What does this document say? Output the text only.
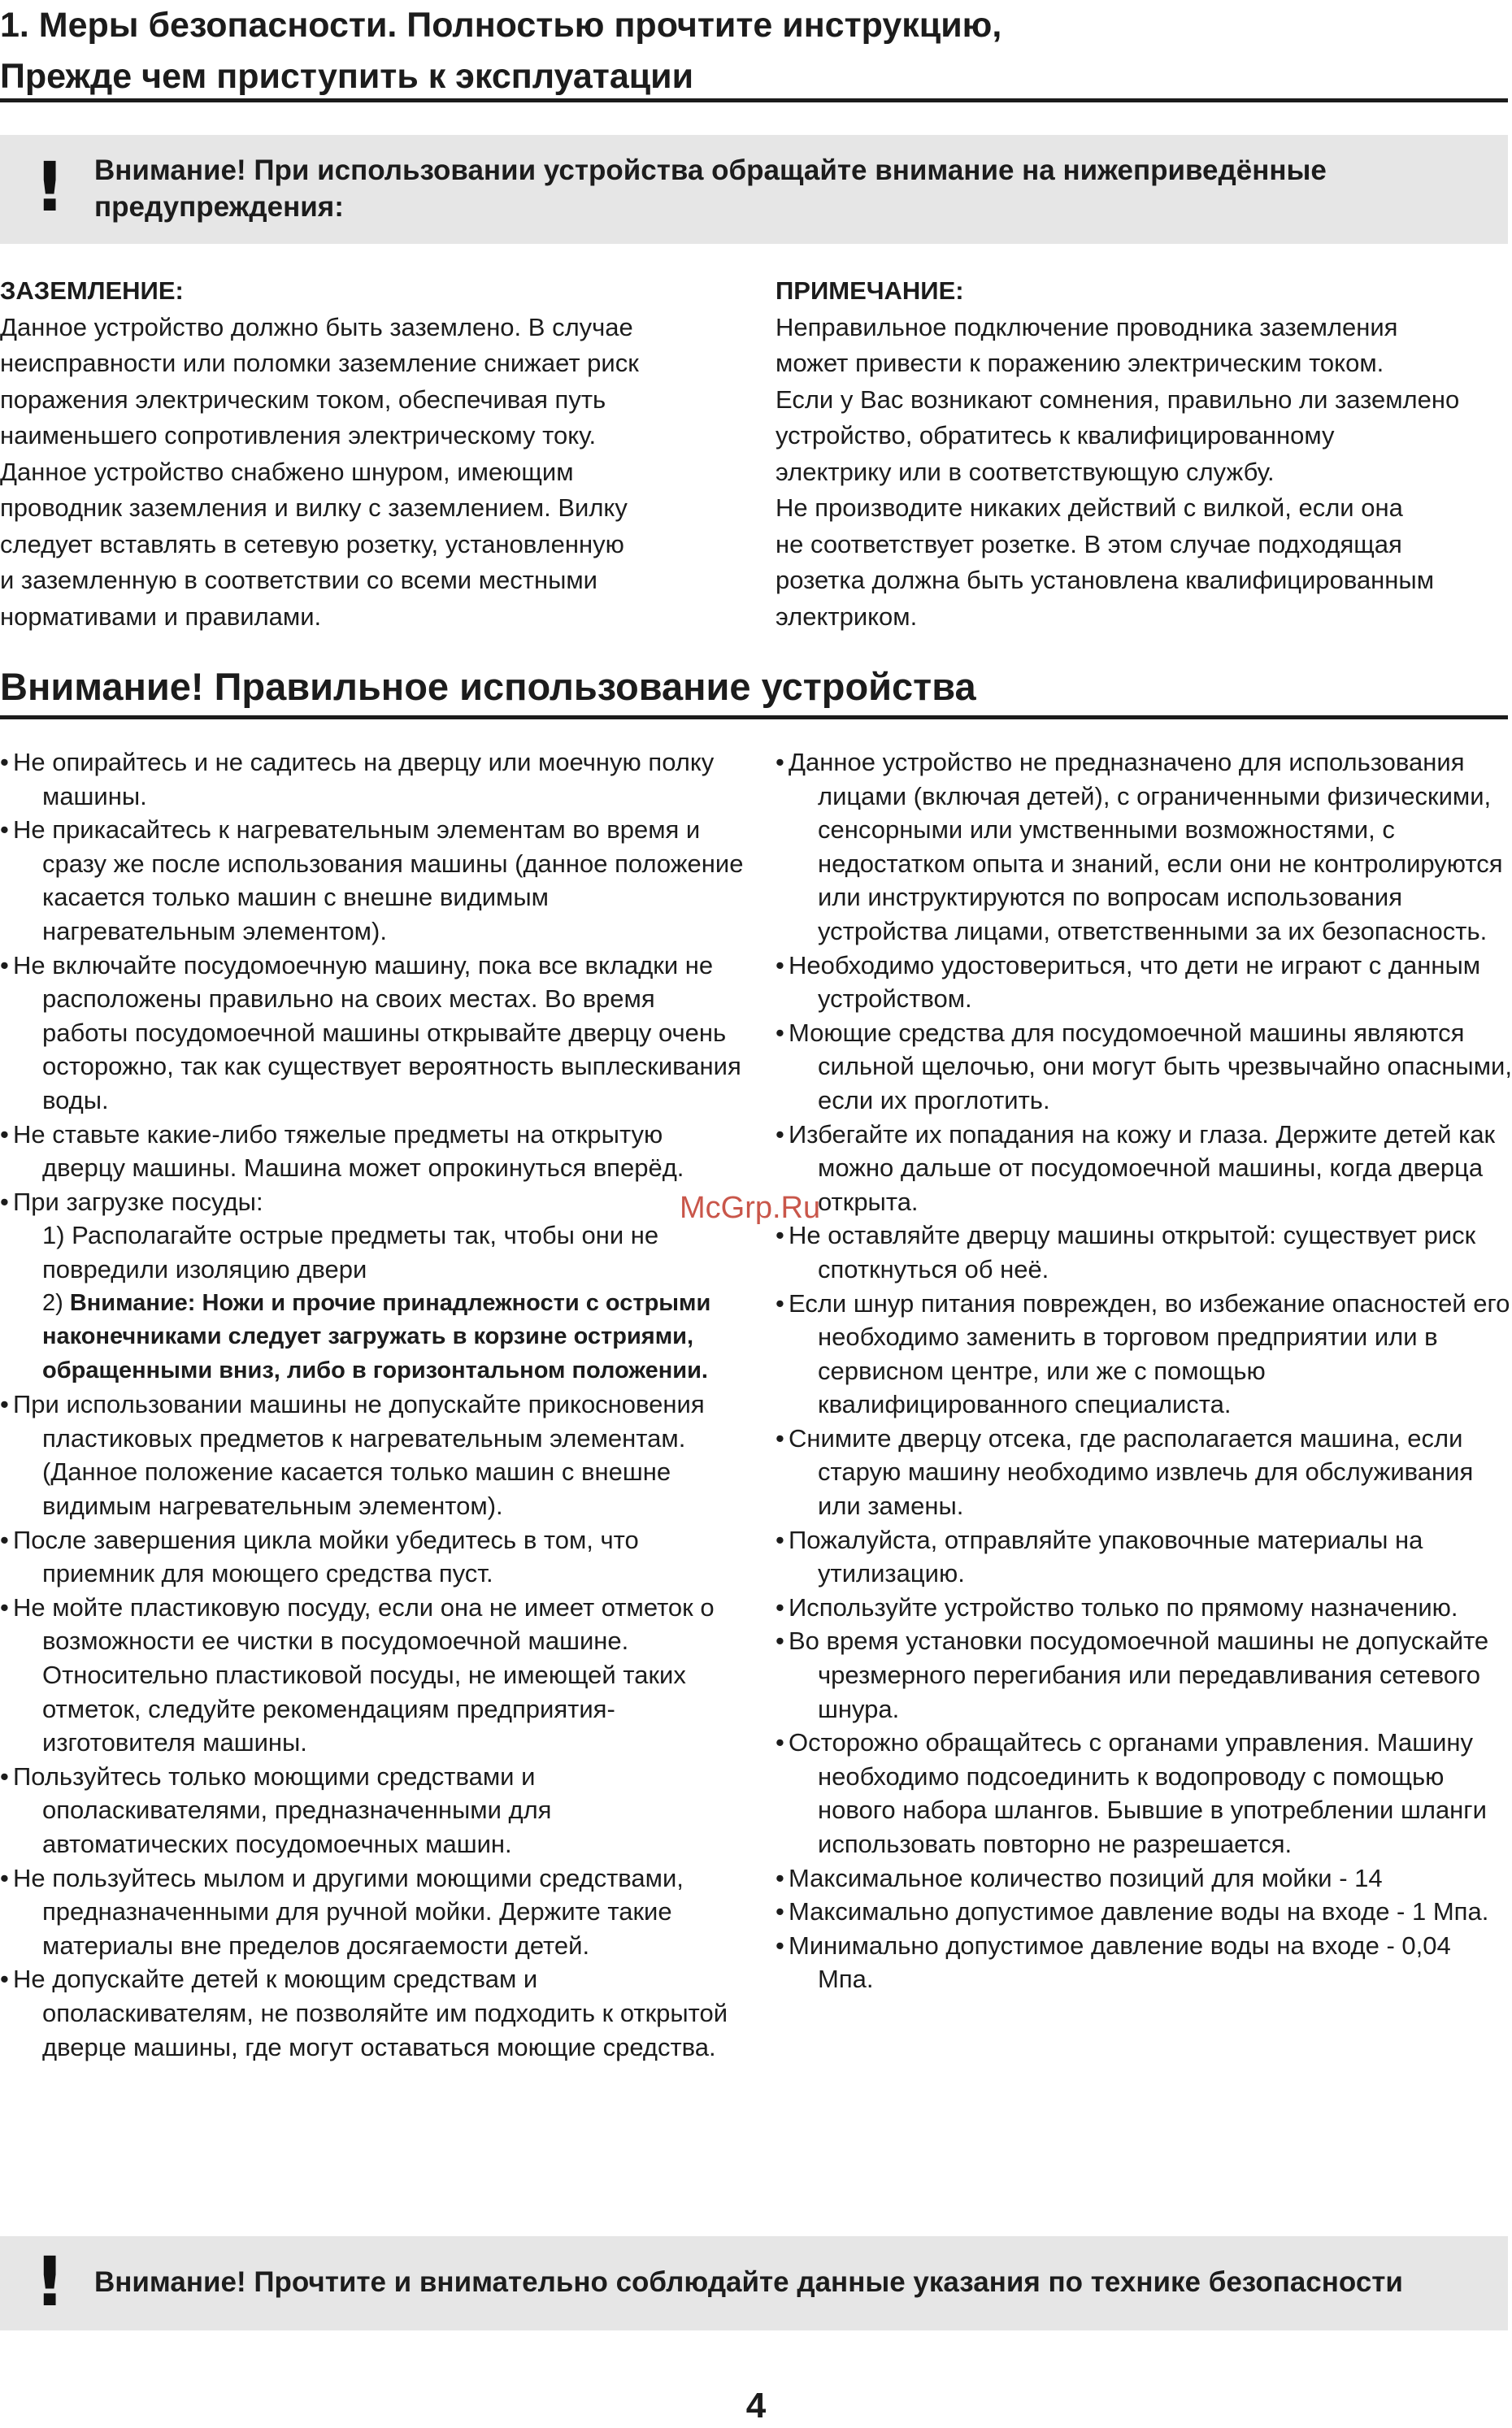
1. Меры безопасности. Полностью прочтите инструкцию,
Прежде чем приступить к эксплуатации
! Внимание! При использовании устройства обращайте внимание на нижеприведённые
предупреждения:

ЗАЗЕМЛЕНИЕ:

Данное устройство должно быть заземлено. В случае
неисправности или поломки заземление снижает риск
поражения электрическим током, обеспечивая путь
наименьшего сопротивления электрическому току.
Данное устройство снабжено шнуром, имеющим
проводник заземления и вилку с заземлением. Вилку
следует вставлять в сетевую розетку, установленную
и заземленную в соответствии со всеми местными
нормативами и правилами.

ПРИМЕЧАНИЕ:

Неправильное подключение проводника заземления
может привести к поражению электрическим током.
Если у Вас возникают сомнения, правильно ли заземлено
устройство, обратитесь к квалифицированному
электрику или в соответствующую службу.
Не производите никаких действий с вилкой, если она
не соответствует розетке. В этом случае подходящая
розетка должна быть установлена квалифицированным
электриком.
Внимание! Правильное использование устройства
• Не опирайтесь и не садитесь на дверцу или моечную полку машины.
• Не прикасайтесь к нагревательным элементам во время и сразу же после использования машины (данное положение касается только машин с внешне видимым нагревательным элементом).
• Не включайте посудомоечную машину, пока все вкладки не расположены правильно на своих местах. Во время работы посудомоечной машины открывайте дверцу очень осторожно, так как существует вероятность выплескивания воды.
• Не ставьте какие-либо тяжелые предметы на открытую дверцу машины. Машина может опрокинуться вперёд.
• При загрузке посуды:
1) Располагайте острые предметы так, чтобы они не повредили изоляцию двери
2) Внимание: Ножи и прочие принадлежности с острыми наконечниками следует загружать в корзине остриями, обращенными вниз, либо в горизонтальном положении.
• При использовании машины не допускайте прикосновения пластиковых предметов к нагревательным элементам. (Данное положение касается только машин с внешне видимым нагревательным элементом).
• После завершения цикла мойки убедитесь в том, что приемник для моющего средства пуст.
• Не мойте пластиковую посуду, если она не имеет отметок о возможности ее чистки в посудомоечной машине. Относительно пластиковой посуды, не имеющей таких отметок, следуйте рекомендациям предприятия-изготовителя машины.
• Пользуйтесь только моющими средствами и ополаскивателями, предназначенными для автоматических посудомоечных машин.
• Не пользуйтесь мылом и другими моющими средствами, предназначенными для ручной мойки. Держите такие материалы вне пределов досягаемости детей.
• Не допускайте детей к моющим средствам и ополаскивателям, не позволяйте им подходить к открытой дверце машины, где могут оставаться моющие средства.
• Данное устройство не предназначено для использования лицами (включая детей), с ограниченными физическими, сенсорными или умственными возможностями, с недостатком опыта и знаний, если они не контролируются или инструктируются по вопросам использования устройства лицами, ответственными за их безопасность.
• Необходимо удостовериться, что дети не играют с данным устройством.
• Моющие средства для посудомоечной машины являются сильной щелочью, они могут быть чрезвычайно опасными, если их проглотить.
• Избегайте их попадания на кожу и глаза. Держите детей как можно дальше от посудомоечной машины, когда дверца открыта.
• Не оставляйте дверцу машины открытой: существует риск споткнуться об неё.
• Если шнур питания поврежден, во избежание опасностей его необходимо заменить в торговом предприятии или в сервисном центре, или же с помощью квалифицированного специалиста.
• Снимите дверцу отсека, где располагается машина, если старую машину необходимо извлечь для обслуживания или замены.
• Пожалуйста, отправляйте упаковочные материалы на утилизацию.
• Используйте устройство только по прямому назначению.
• Во время установки посудомоечной машины не допускайте чрезмерного перегибания или передавливания сетевого шнура.
• Осторожно обращайтесь с органами управления. Машину необходимо подсоединить к водопроводу с помощью нового набора шлангов. Бывшие в употреблении шланги использовать повторно не разрешается.
• Максимальное количество позиций для мойки - 14
• Максимально допустимое давление воды на входе - 1 Мпа.
• Минимально допустимое давление воды на входе - 0,04 Мпа.
McGrp.Ru
! Внимание! Прочтите и внимательно соблюдайте данные указания по технике безопасности
4
